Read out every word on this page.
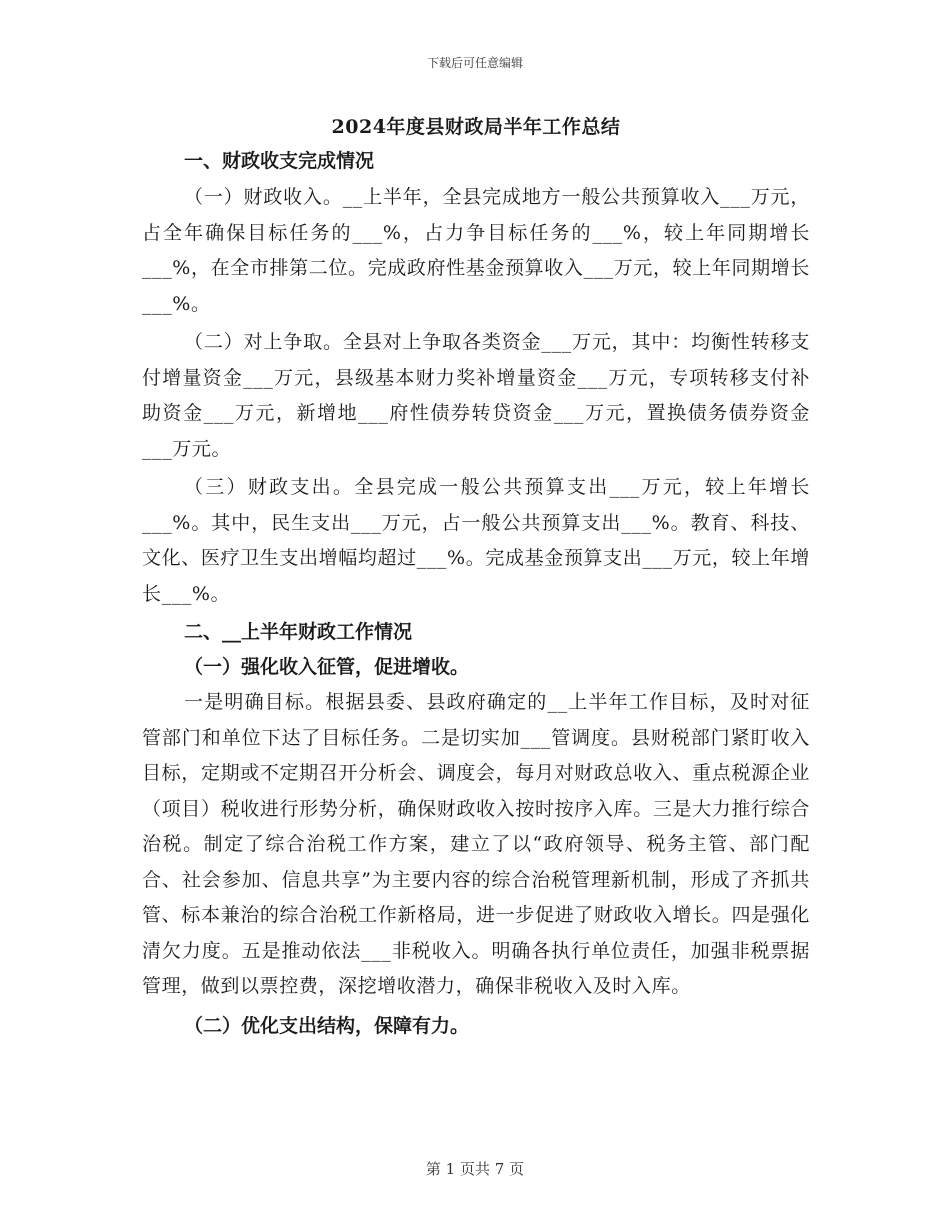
下载后可任意编辑
2024年度县财政局半年工作总结
一、财政收支完成情况

（一）财政收入。__上半年，全县完成地方一般公共预算收入___万元，占全年确保目标任务的___%，占力争目标任务的___%，较上年同期增长___%，在全市排第二位。完成政府性基金预算收入___万元，较上年同期增长___%。

（二）对上争取。全县对上争取各类资金___万元，其中：均衡性转移支付增量资金___万元，县级基本财力奖补增量资金___万元，专项转移支付补助资金___万元，新增地___府性债券转贷资金___万元，置换债务债券资金___万元。

（三）财政支出。全县完成一般公共预算支出___万元，较上年增长___%。其中，民生支出___万元，占一般公共预算支出___%。教育、科技、文化、医疗卫生支出增幅均超过___%。完成基金预算支出___万元，较上年增长___%。

二、__上半年财政工作情况
（一）强化收入征管，促进增收。

一是明确目标。根据县委、县政府确定的__上半年工作目标，及时对征管部门和单位下达了目标任务。二是切实加___管调度。县财税部门紧盯收入目标，定期或不定期召开分析会、调度会，每月对财政总收入、重点税源企业（项目）税收进行形势分析，确保财政收入按时按序入库。三是大力推行综合治税。制定了综合治税工作方案，建立了以“政府领导、税务主管、部门配合、社会参加、信息共享”为主要内容的综合治税管理新机制，形成了齐抓共管、标本兼治的综合治税工作新格局，进一步促进了财政收入增长。四是强化清欠力度。五是推动依法___非税收入。明确各执行单位责任，加强非税票据管理，做到以票控费，深挖增收潜力，确保非税收入及时入库。

（二）优化支出结构，保障有力。
第 1 页共 7 页
